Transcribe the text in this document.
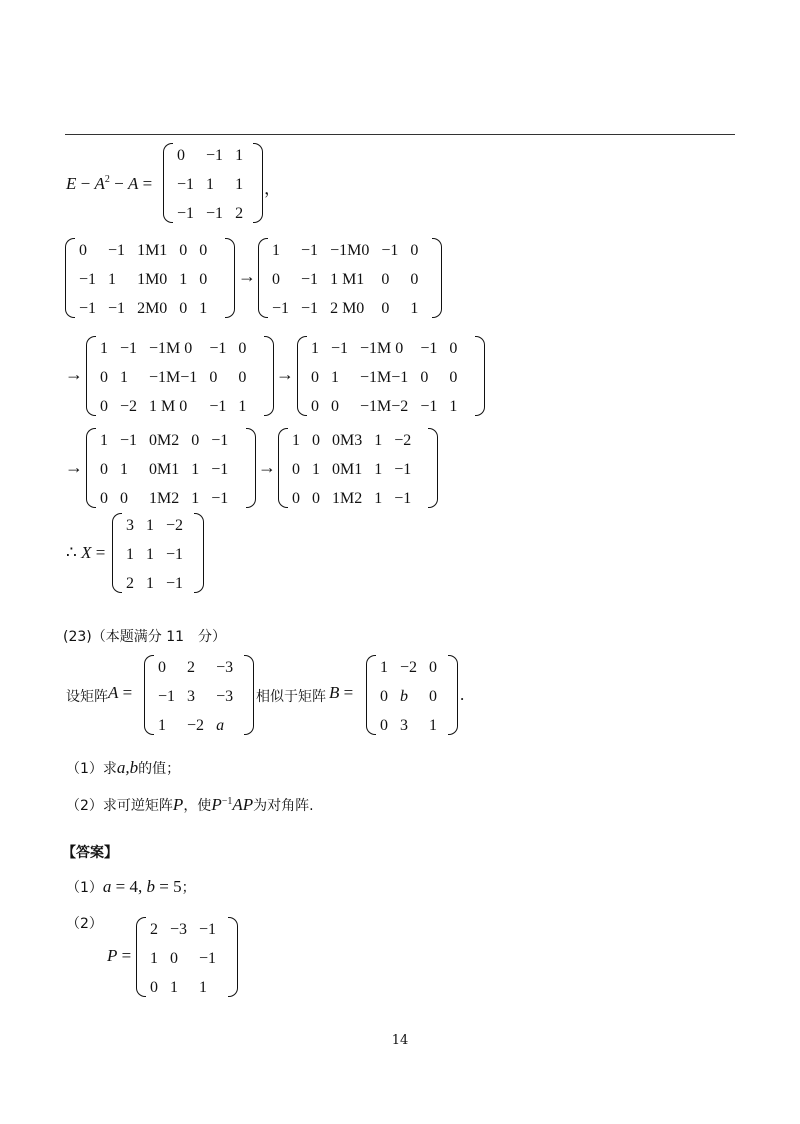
$E - A^2 - A$ =
0	−1	1
−1	1	1
−1	−1	2
，
0	−1	1M1	0	0
−1	1	1M0	1	0
−1	−1	2M0	0	1
→
1	−1	−1M0	−1	0
0	−1	1 M1	0	0
−1	−1	2 M0	0	1
→
1	−1	−1M 0	−1	0
0	1	−1M−1	0	0
0	−2	1 M 0	−1	1
→
1	−1	−1M 0	−1	0
0	1	−1M−1	0	0
0	0	−1M−2	−1	1
→
1	−1	0M2	0	−1
0	1	0M1	1	−1
0	0	1M2	1	−1
→
1	0	0M3	1	−2
0	1	0M1	1	−1
0	0	1M2	1	−1
∴ X =
3	1	−2
1	1	−1
2	1	−1
(23)（本题满分 11　分）
设矩阵 A =
0	2	−3
−1	3	−3
1	−2	a
相似于矩阵 B =
1	−2	0
0	b	0
0	3	1
.
（1）求a,b的值；
（2）求可逆矩阵P，使$P^{-1}AP$为对角阵.
【答案】
（1）a = 4, b = 5；
（2）
P =
2	−3	−1
1	0	−1
0	1	1
14
